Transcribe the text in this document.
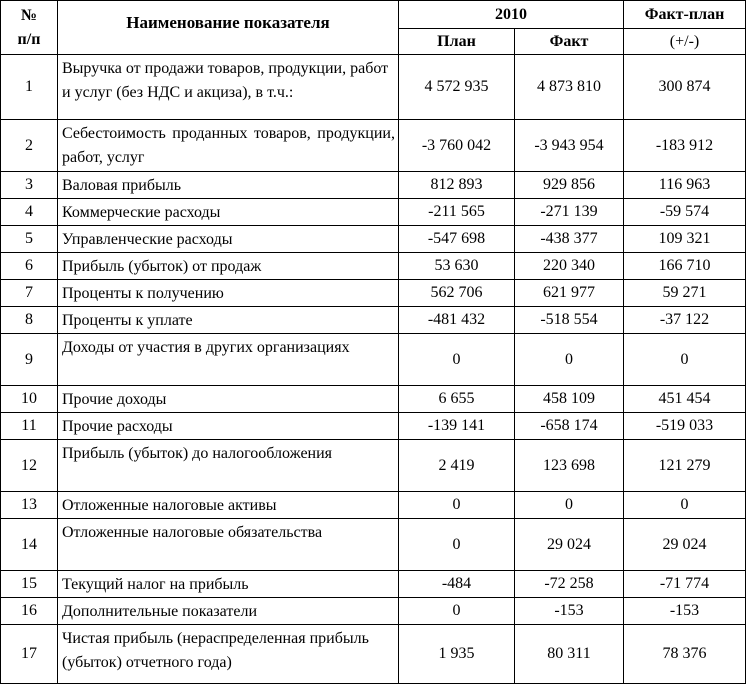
№ п/п	Наименование показателя	2010		Факт-план
		План	Факт	(+/-)
1	Выручка от продажи товаров, продукции, работ и услуг (без НДС и акциза), в т.ч.:	4 572 935	4 873 810	300 874
2	Себестоимость проданных товаров, продукции, работ, услуг	-3 760 042	-3 943 954	-183 912
3	Валовая прибыль	812 893	929 856	116 963
4	Коммерческие расходы	-211 565	-271 139	-59 574
5	Управленческие расходы	-547 698	-438 377	109 321
6	Прибыль (убыток) от продаж	53 630	220 340	166 710
7	Проценты к получению	562 706	621 977	59 271
8	Проценты к уплате	-481 432	-518 554	-37 122
9	Доходы от участия в других организациях	0	0	0
10	Прочие доходы	6 655	458 109	451 454
11	Прочие расходы	-139 141	-658 174	-519 033
12	Прибыль (убыток) до налогообложения	2 419	123 698	121 279
13	Отложенные налоговые активы	0	0	0
14	Отложенные налоговые обязательства	0	29 024	29 024
15	Текущий налог на прибыль	-484	-72 258	-71 774
16	Дополнительные показатели	0	-153	-153
17	Чистая прибыль (нераспределенная прибыль (убыток) отчетного года)	1 935	80 311	78 376
